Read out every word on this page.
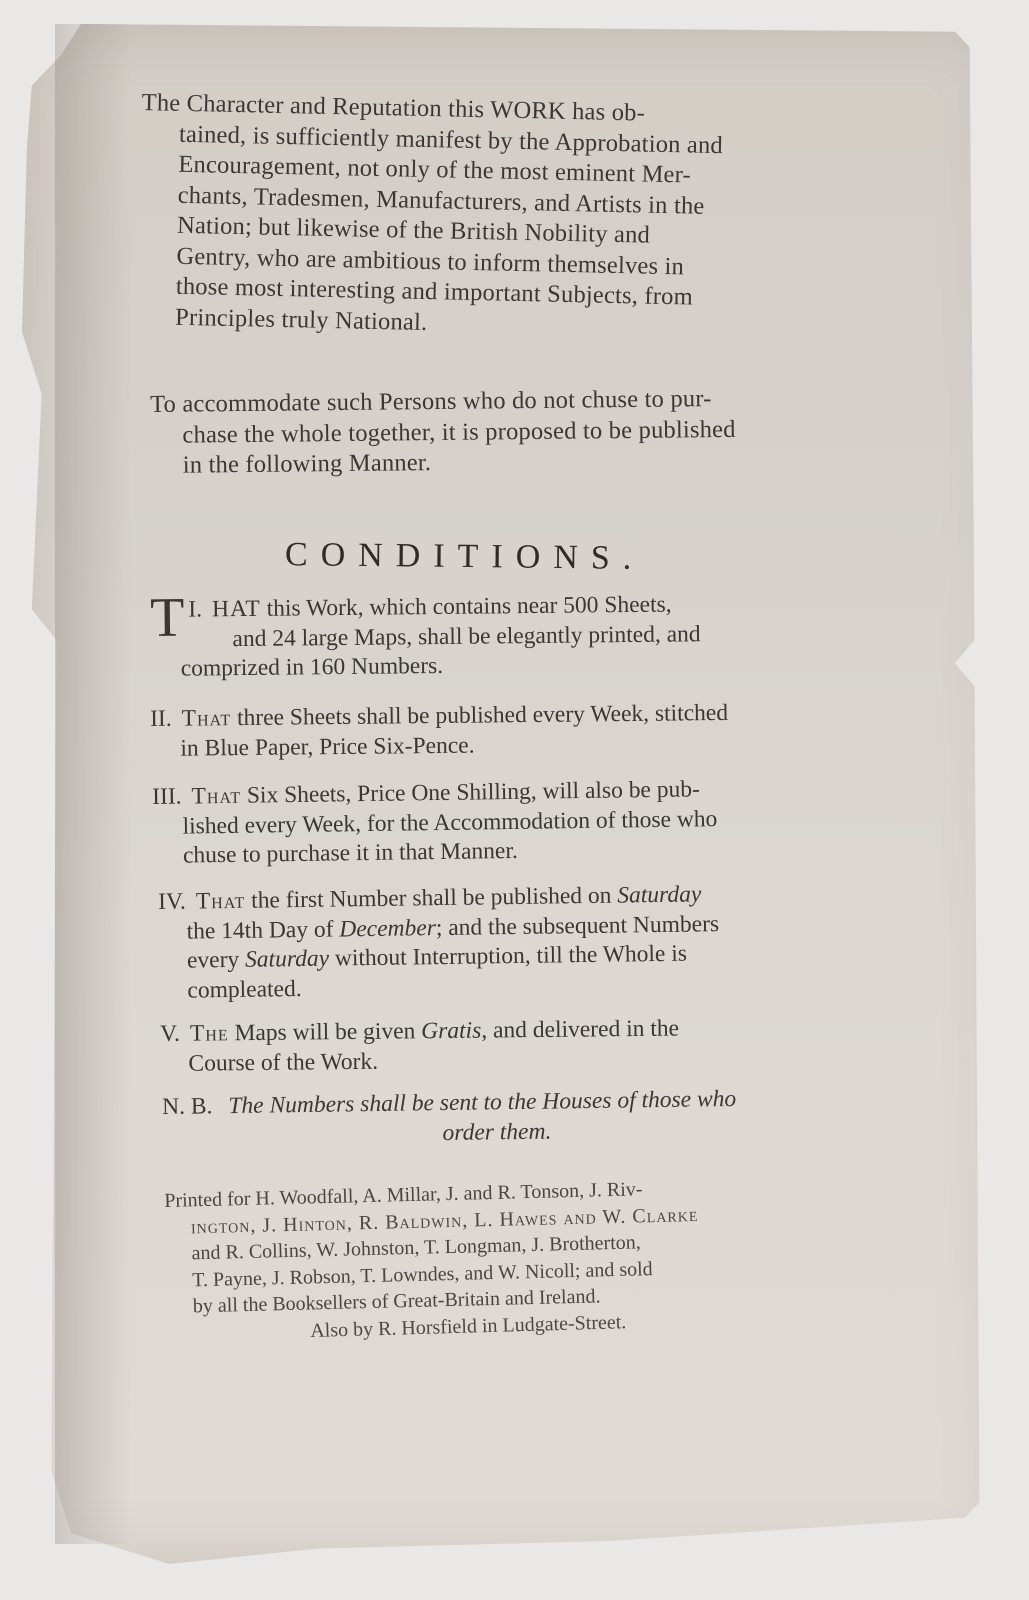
The Character and Reputation this WORK has ob-
tained, is sufficiently manifest by the Approbation and
Encouragement, not only of the most eminent Mer-
chants, Tradesmen, Manufacturers, and Artists in the
Nation; but likewise of the British Nobility and
Gentry, who are ambitious to inform themselves in
those most interesting and important Subjects, from
Principles truly National.
To accommodate such Persons who do not chuse to pur-
chase the whole together, it is proposed to be published
in the following Manner.
CONDITIONS.
I.
T HAT this Work, which contains near 500 Sheets,
and 24 large Maps, shall be elegantly printed, and
comprized in 160 Numbers.
II. That three Sheets shall be published every Week, stitched
in Blue Paper, Price Six-Pence.
III. That Six Sheets, Price One Shilling, will also be pub-
lished every Week, for the Accommodation of those who
chuse to purchase it in that Manner.
IV. That the first Number shall be published on Saturday
the 14th Day of December; and the subsequent Numbers
every Saturday without Interruption, till the Whole is
compleated.
V. The Maps will be given Gratis, and delivered in the
Course of the Work.
N. B. The Numbers shall be sent to the Houses of those who
order them.
Printed for H. Woodfall, A. Millar, J. and R. Tonson, J. Riv-
ington, J. Hinton, R. Baldwin, L. Hawes and W. Clarke
and R. Collins, W. Johnston, T. Longman, J. Brotherton,
T. Payne, J. Robson, T. Lowndes, and W. Nicoll; and sold
by all the Booksellers of Great-Britain and Ireland.
Also by R. Horsfield in Ludgate-Street.
